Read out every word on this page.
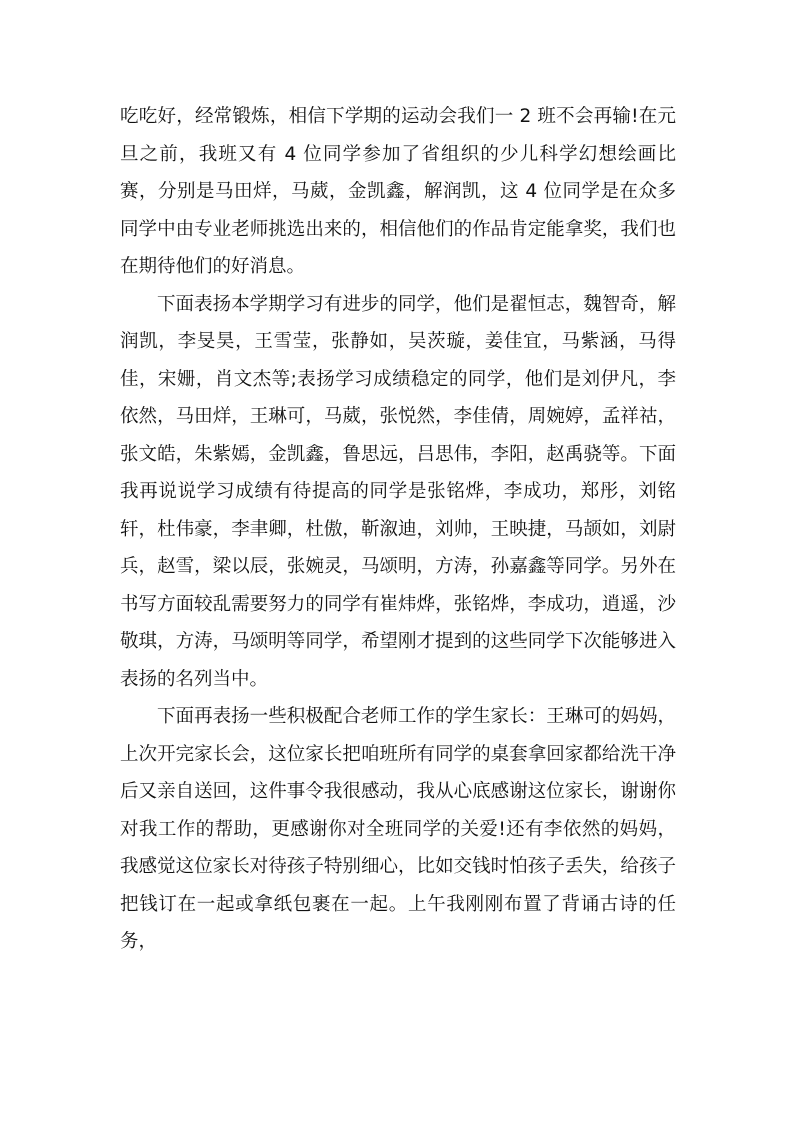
吃吃好，经常锻炼，相信下学期的运动会我们一 2 班不会再输!在元旦之前，我班又有 4 位同学参加了省组织的少儿科学幻想绘画比赛，分别是马田烊，马葳，金凯鑫，解润凯，这 4 位同学是在众多同学中由专业老师挑选出来的，相信他们的作品肯定能拿奖，我们也在期待他们的好消息。

下面表扬本学期学习有进步的同学，他们是翟恒志，魏智奇，解润凯，李旻昊，王雪莹，张静如，吴茨璇，姜佳宜，马紫涵，马得佳，宋姗，肖文杰等;表扬学习成绩稳定的同学，他们是刘伊凡，李依然，马田烊，王琳可，马葳，张悦然，李佳倩，周婉婷，孟祥祜，张文皓，朱紫嫣，金凯鑫，鲁思远，吕思伟，李阳，赵禹骁等。下面我再说说学习成绩有待提高的同学是张铭烨，李成功，郑彤，刘铭轩，杜伟豪，李聿卿，杜傲，靳溆迪，刘帅，王映捷，马颉如，刘尉兵，赵雪，梁以辰，张婉灵，马颂明，方涛，孙嘉鑫等同学。另外在书写方面较乱需要努力的同学有崔炜烨，张铭烨，李成功，逍遥，沙敬琪，方涛，马颂明等同学，希望刚才提到的这些同学下次能够进入表扬的名列当中。

下面再表扬一些积极配合老师工作的学生家长：王琳可的妈妈，上次开完家长会，这位家长把咱班所有同学的桌套拿回家都给洗干净后又亲自送回，这件事令我很感动，我从心底感谢这位家长，谢谢你对我工作的帮助，更感谢你对全班同学的关爱!还有李依然的妈妈，我感觉这位家长对待孩子特别细心，比如交钱时怕孩子丢失，给孩子把钱订在一起或拿纸包裹在一起。上午我刚刚布置了背诵古诗的任务，
